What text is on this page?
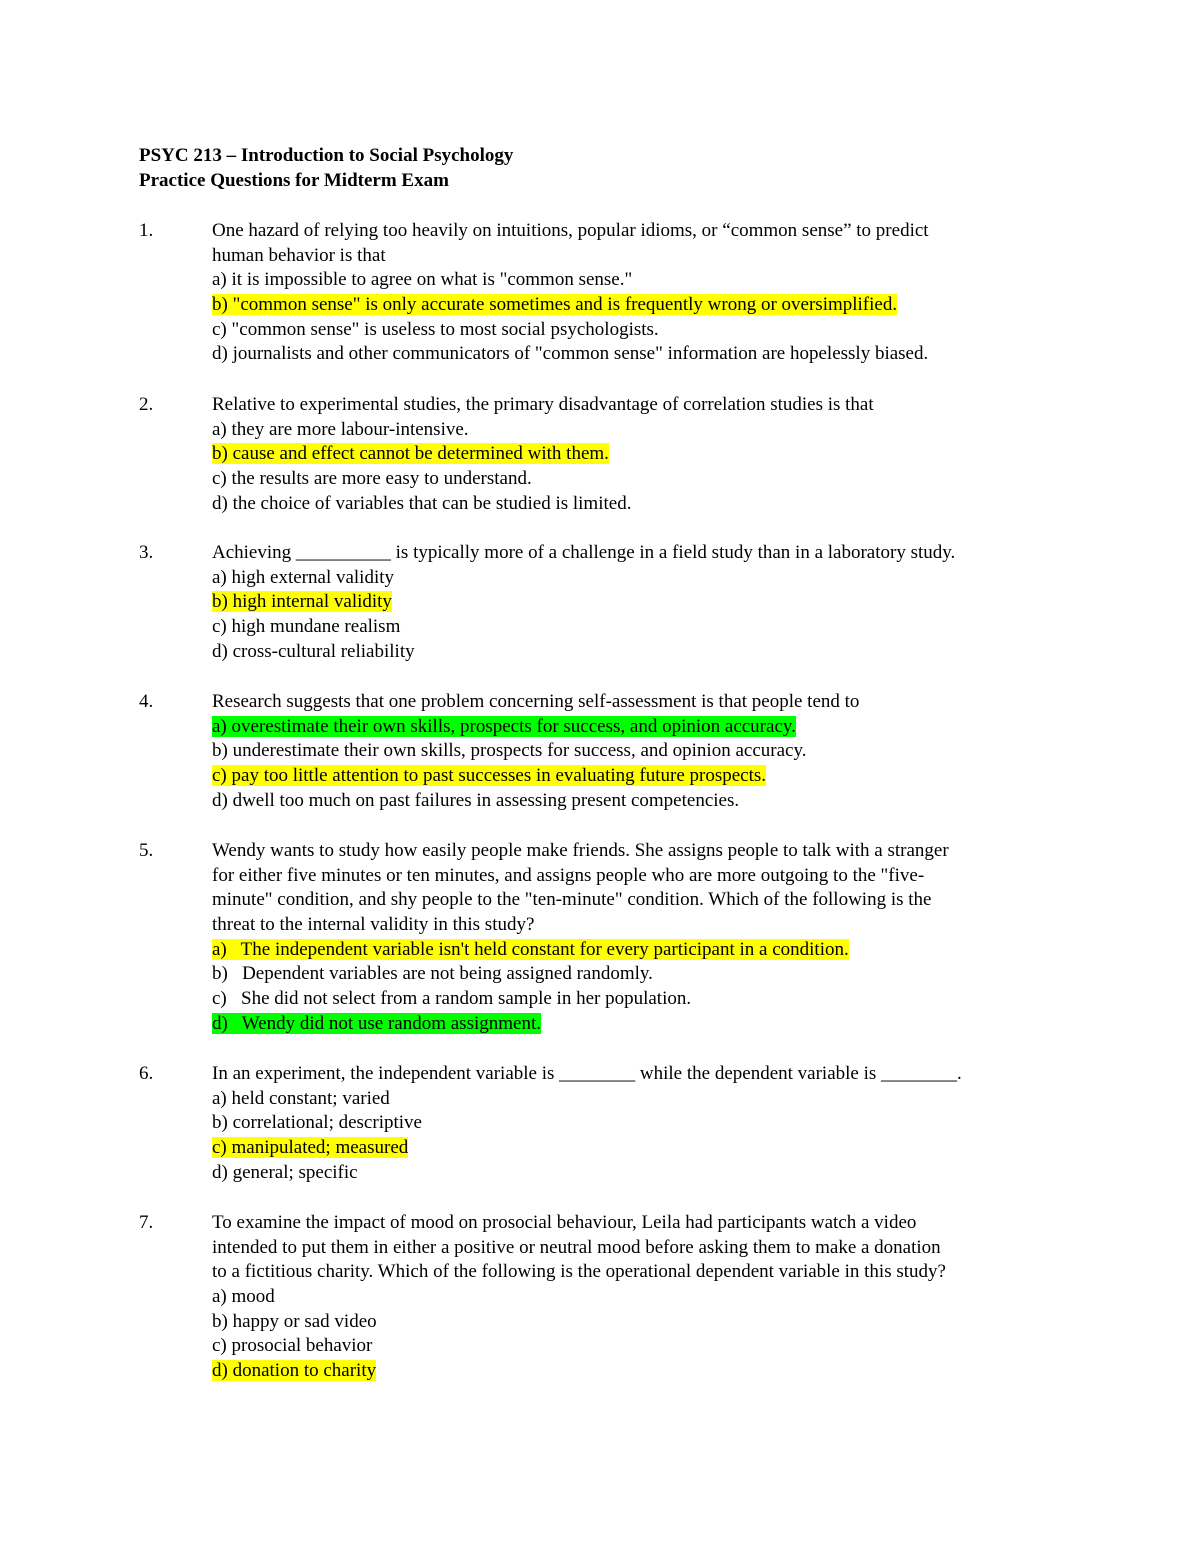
PSYC 213 – Introduction to Social Psychology
Practice Questions for Midterm Exam
1.	One hazard of relying too heavily on intuitions, popular idioms, or “common sense” to predict
human behavior is that
a) it is impossible to agree on what is "common sense."
b) "common sense" is only accurate sometimes and is frequently wrong or oversimplified.
c) "common sense" is useless to most social psychologists.
d) journalists and other communicators of "common sense" information are hopelessly biased.
2.	Relative to experimental studies, the primary disadvantage of correlation studies is that
a) they are more labour-intensive.
b) cause and effect cannot be determined with them.
c) the results are more easy to understand.
d) the choice of variables that can be studied is limited.
3.	Achieving __________ is typically more of a challenge in a field study than in a laboratory study.
a) high external validity
b) high internal validity
c) high mundane realism
d) cross-cultural reliability
4.	Research suggests that one problem concerning self-assessment is that people tend to
a) overestimate their own skills, prospects for success, and opinion accuracy.
b) underestimate their own skills, prospects for success, and opinion accuracy.
c) pay too little attention to past successes in evaluating future prospects.
d) dwell too much on past failures in assessing present competencies.
5.	Wendy wants to study how easily people make friends. She assigns people to talk with a stranger
for either five minutes or ten minutes, and assigns people who are more outgoing to the "five-
minute" condition, and shy people to the "ten-minute" condition. Which of the following is the
threat to the internal validity in this study?
a)   The independent variable isn't held constant for every participant in a condition.
b)   Dependent variables are not being assigned randomly.
c)   She did not select from a random sample in her population.
d)   Wendy did not use random assignment.
6.	In an experiment, the independent variable is ________ while the dependent variable is ________.
a) held constant; varied
b) correlational; descriptive
c) manipulated; measured
d) general; specific
7.	To examine the impact of mood on prosocial behaviour, Leila had participants watch a video
intended to put them in either a positive or neutral mood before asking them to make a donation
to a fictitious charity. Which of the following is the operational dependent variable in this study?
a) mood
b) happy or sad video
c) prosocial behavior
d) donation to charity
